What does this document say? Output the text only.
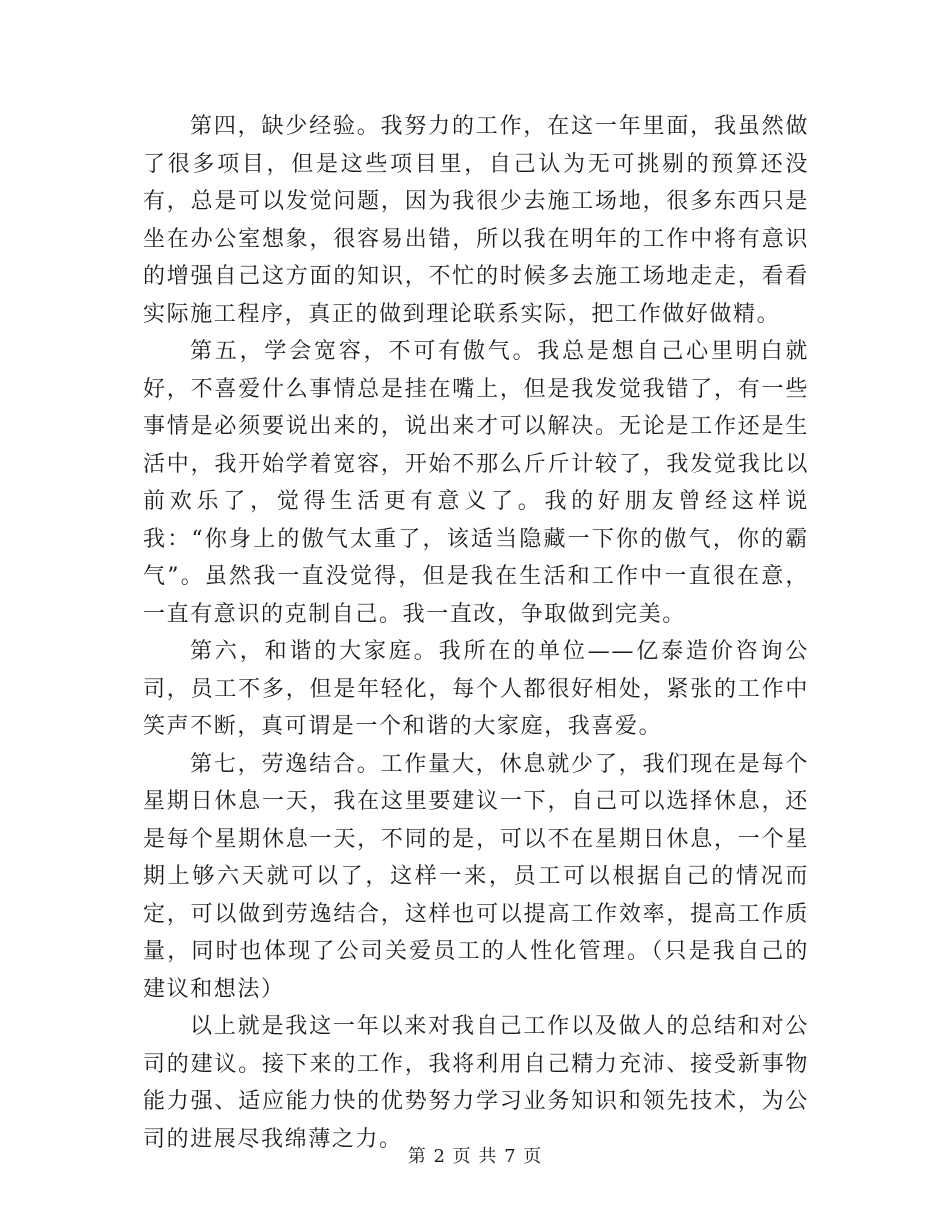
第四，缺少经验。我努力的工作，在这一年里面，我虽然做了很多项目，但是这些项目里，自己认为无可挑剔的预算还没有，总是可以发觉问题，因为我很少去施工场地，很多东西只是坐在办公室想象，很容易出错，所以我在明年的工作中将有意识的增强自己这方面的知识，不忙的时候多去施工场地走走，看看实际施工程序，真正的做到理论联系实际，把工作做好做精。

第五，学会宽容，不可有傲气。我总是想自己心里明白就好，不喜爱什么事情总是挂在嘴上，但是我发觉我错了，有一些事情是必须要说出来的，说出来才可以解决。无论是工作还是生活中，我开始学着宽容，开始不那么斤斤计较了，我发觉我比以前欢乐了，觉得生活更有意义了。我的好朋友曾经这样说我：“你身上的傲气太重了，该适当隐藏一下你的傲气，你的霸气”。虽然我一直没觉得，但是我在生活和工作中一直很在意，一直有意识的克制自己。我一直改，争取做到完美。

第六，和谐的大家庭。我所在的单位——亿泰造价咨询公司，员工不多，但是年轻化，每个人都很好相处，紧张的工作中笑声不断，真可谓是一个和谐的大家庭，我喜爱。

第七，劳逸结合。工作量大，休息就少了，我们现在是每个星期日休息一天，我在这里要建议一下，自己可以选择休息，还是每个星期休息一天，不同的是，可以不在星期日休息，一个星期上够六天就可以了，这样一来，员工可以根据自己的情况而定，可以做到劳逸结合，这样也可以提高工作效率，提高工作质量，同时也体现了公司关爱员工的人性化管理。（只是我自己的建议和想法）

以上就是我这一年以来对我自己工作以及做人的总结和对公司的建议。接下来的工作，我将利用自己精力充沛、接受新事物能力强、适应能力快的优势努力学习业务知识和领先技术，为公司的进展尽我绵薄之力。

第 2 页 共 7 页
